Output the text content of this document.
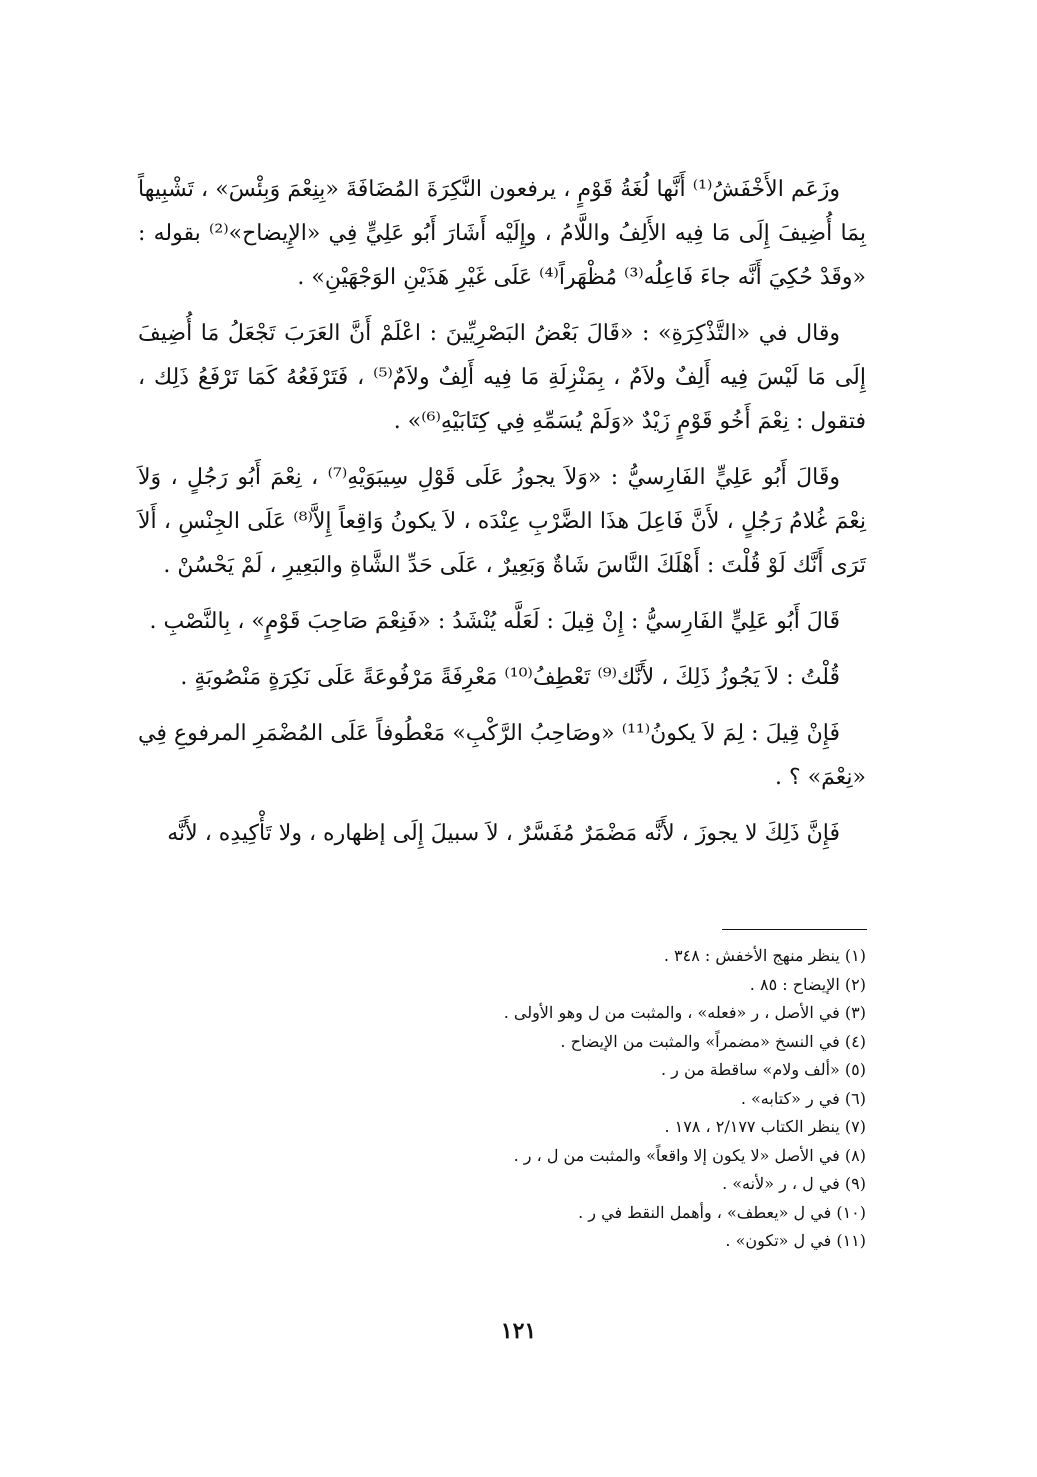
وزَعَم الأَخْفَشُ⁽¹⁾ أَنَّها لُغَةُ قَوْمٍ ، يرفعون النَّكِرَةَ المُضَافَةَ «بِنِعْمَ وَبِئْسَ» ، تَشْبِيهاً بِمَا أُضِيفَ إِلَى مَا فِيه الأَلِفُ واللَّامُ ، وإِلَيْه أَشَارَ أَبُو عَلِيٍّ فِي «الإِيضاح»⁽²⁾ بقوله : «وقَدْ حُكِيَ أَنَّه جاءَ فَاعِلُه⁽³⁾ مُظْهَراً⁽⁴⁾ عَلَى غَيْرِ هَذَيْنِ الوَجْهَيْنِ» .

وقال في «التَّذْكِرَةِ» : «قَالَ بَعْضُ البَصْرِيِّينَ : اعْلَمْ أَنَّ العَرَبَ تَجْعَلُ مَا أُضِيفَ إِلَى مَا لَيْسَ فِيه أَلِفٌ ولاَمٌ ، بِمَنْزِلَةِ مَا فِيه أَلِفٌ ولاَمٌ⁽⁵⁾ ، فَتَرْفَعُهُ كَمَا تَرْفَعُ ذَلِك ، فتقول : نِعْمَ أَخُو قَوْمٍ زَيْدٌ «وَلَمْ يُسَمِّهِ فِي كِتَابَيْهِ⁽⁶⁾» .

وقَالَ أَبُو عَلِيٍّ الفَارِسيُّ : «وَلاَ يجوزُ عَلَى قَوْلِ سِيبَوَيْهِ⁽⁷⁾ ، نِعْمَ أَبُو رَجُلٍ ، وَلاَ نِعْمَ غُلامُ رَجُلٍ ، لأَنَّ فَاعِلَ هذَا الضَّرْبِ عِنْدَه ، لاَ يكونُ وَاقِعاً إِلاَّ⁽⁸⁾ عَلَى الجِنْسِ ، أَلاَ تَرَى أَنَّك لَوْ قُلْتَ : أَهْلَكَ النَّاسَ شَاةٌ وَبَعِيرٌ ، عَلَى حَدِّ الشَّاةِ والبَعِيرِ ، لَمْ يَحْسُنْ .

قَالَ أَبُو عَلِيٍّ الفَارِسيُّ : إِنْ قِيلَ : لَعَلَّه يُنْشَدُ : «فَنِعْمَ صَاحِبَ قَوْمٍ» ، بِالنَّصْبِ .

قُلْتُ : لاَ يَجُوزُ ذَلِكَ ، لأَنَّك⁽⁹⁾ تَعْطِفُ⁽¹⁰⁾ مَعْرِفَةً مَرْفُوعَةً عَلَى نَكِرَةٍ مَنْصُوبَةٍ .

فَإِنْ قِيلَ : لِمَ لاَ يكونُ⁽¹¹⁾ «وصَاحِبُ الرَّكْبِ» مَعْطُوفاً عَلَى المُضْمَرِ المرفوعِ فِي «نِعْمَ» ؟ .

فَإِنَّ ذَلِكَ لا يجوزَ ، لأَنَّه مَضْمَرٌ مُفَسَّرٌ ، لاَ سبيلَ إِلَى إظهاره ، ولا تَأْكِيدِه ، لأَنَّه

(١) ينظر منهج الأخفش : ٣٤٨ .
(٢) الإيضاح : ٨٥ .
(٣) في الأصل ، ر «فعله» ، والمثبت من ل وهو الأولى .
(٤) في النسخ «مضمراً» والمثبت من الإيضاح .
(٥) «ألف ولام» ساقطة من ر .
(٦) في ر «كتابه» .
(٧) ينظر الكتاب ٢/١٧٧ ، ١٧٨ .
(٨) في الأصل «لا يكون إلا واقعاً» والمثبت من ل ، ر .
(٩) في ل ، ر «لأنه» .
(١٠) في ل «يعطف» ، وأهمل النقط في ر .
(١١) في ل «تكون» .
١٢١
